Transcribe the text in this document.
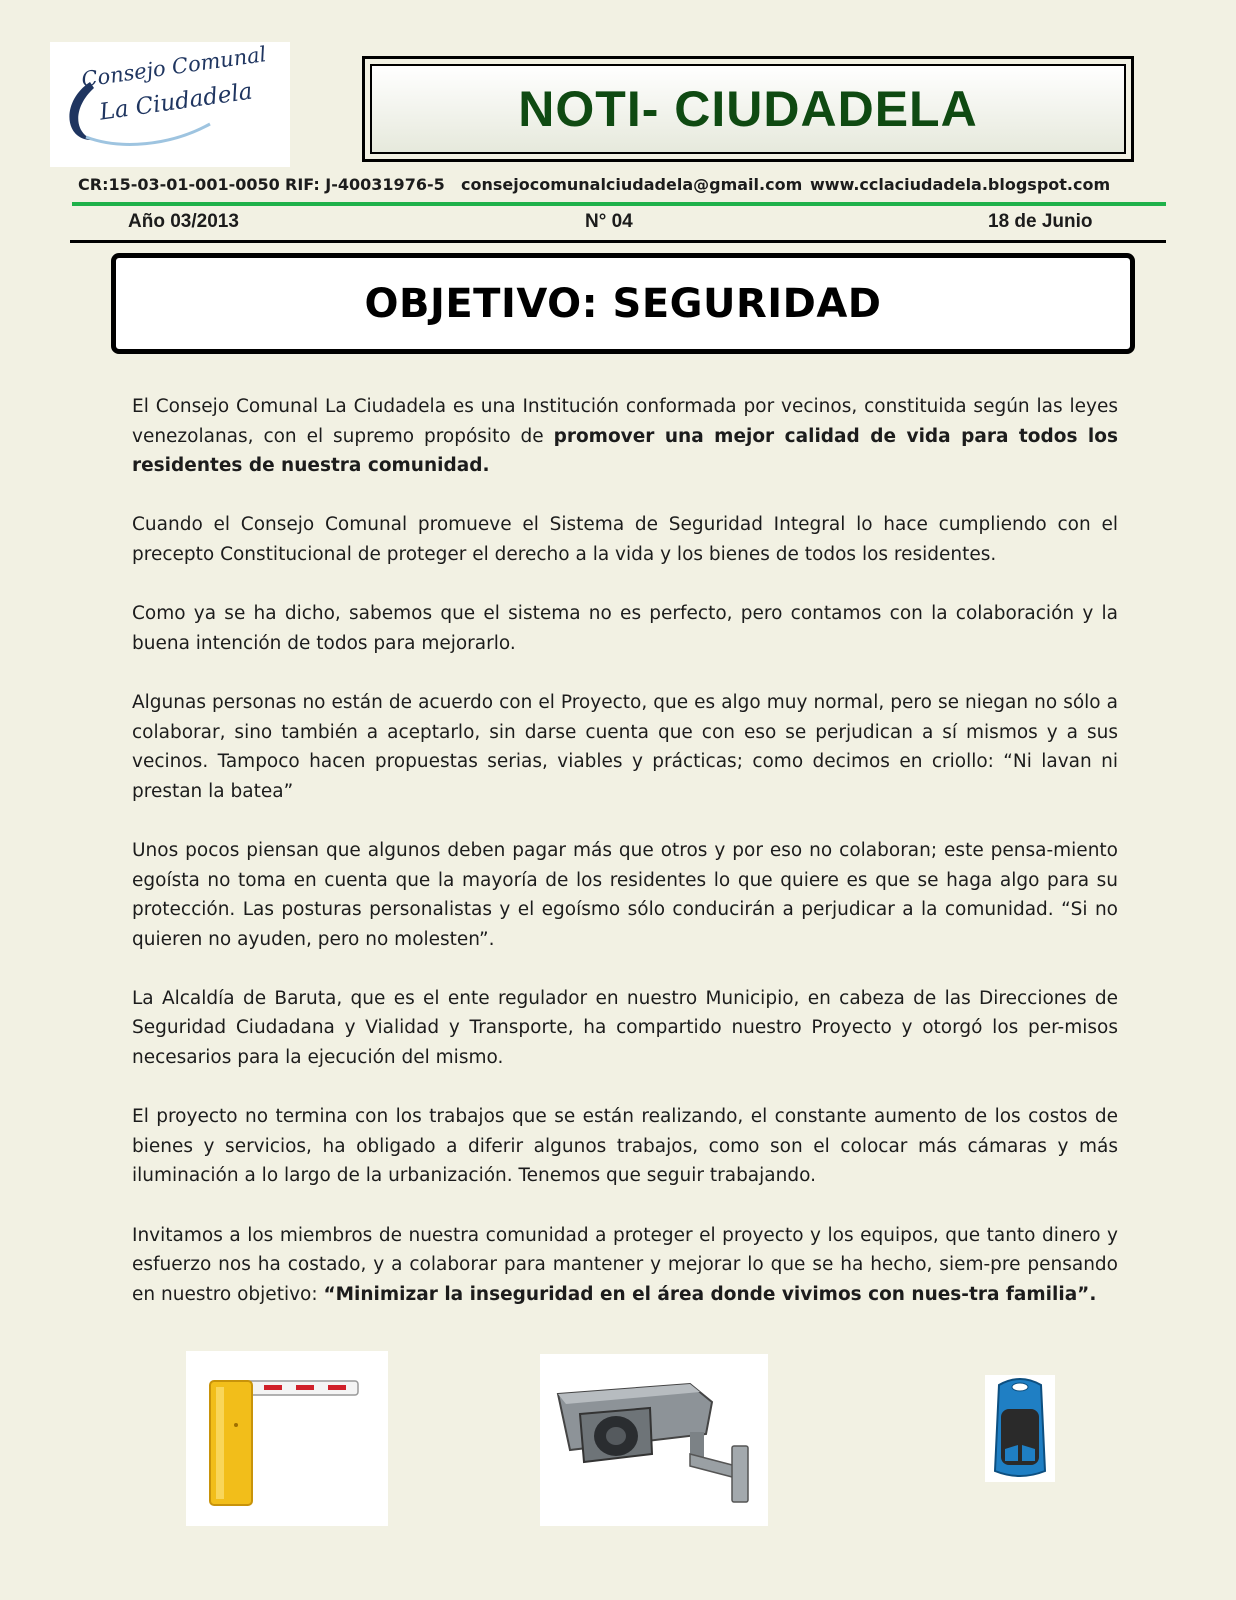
Consejo Comunal
La Ciudadela	NOTI- CIUDADELA
CR:15-03-01-001-0050 RIF: J-40031976-5 consejocomunalciudadela@gmail.com www.cclaciudadela.blogspot.com
Año 03/2013	N° 04	18 de Junio
OBJETIVO: SEGURIDAD

El Consejo Comunal La Ciudadela es una Institución conformada por vecinos, constituida según las leyes venezolanas, con el supremo propósito de promover una mejor calidad de vida para todos los residentes de nuestra comunidad.

Cuando el Consejo Comunal promueve el Sistema de Seguridad Integral lo hace cumpliendo con el precepto Constitucional de proteger el derecho a la vida y los bienes de todos los residentes.

Como ya se ha dicho, sabemos que el sistema no es perfecto, pero contamos con la colaboración y la buena intención de todos para mejorarlo.

Algunas personas no están de acuerdo con el Proyecto, que es algo muy normal, pero se niegan no sólo a colaborar, sino también a aceptarlo, sin darse cuenta que con eso se perjudican a sí mismos y a sus vecinos. Tampoco hacen propuestas serias, viables y prácticas; como decimos en criollo: “Ni lavan ni prestan la batea”

Unos pocos piensan que algunos deben pagar más que otros y por eso no colaboran; este pensa-miento egoísta no toma en cuenta que la mayoría de los residentes lo que quiere es que se haga algo para su protección. Las posturas personalistas y el egoísmo sólo conducirán a perjudicar a la comunidad. “Si no quieren no ayuden, pero no molesten”.

La Alcaldía de Baruta, que es el ente regulador en nuestro Municipio, en cabeza de las Direcciones de Seguridad Ciudadana y Vialidad y Transporte, ha compartido nuestro Proyecto y otorgó los per-misos necesarios para la ejecución del mismo.

El proyecto no termina con los trabajos que se están realizando, el constante aumento de los costos de bienes y servicios, ha obligado a diferir algunos trabajos, como son el colocar más cámaras y más iluminación a lo largo de la urbanización. Tenemos que seguir trabajando.

Invitamos a los miembros de nuestra comunidad a proteger el proyecto y los equipos, que tanto dinero y esfuerzo nos ha costado, y a colaborar para mantener y mejorar lo que se ha hecho, siem-pre pensando en nuestro objetivo: “Minimizar la inseguridad en el área donde vivimos con nues-tra familia”.
